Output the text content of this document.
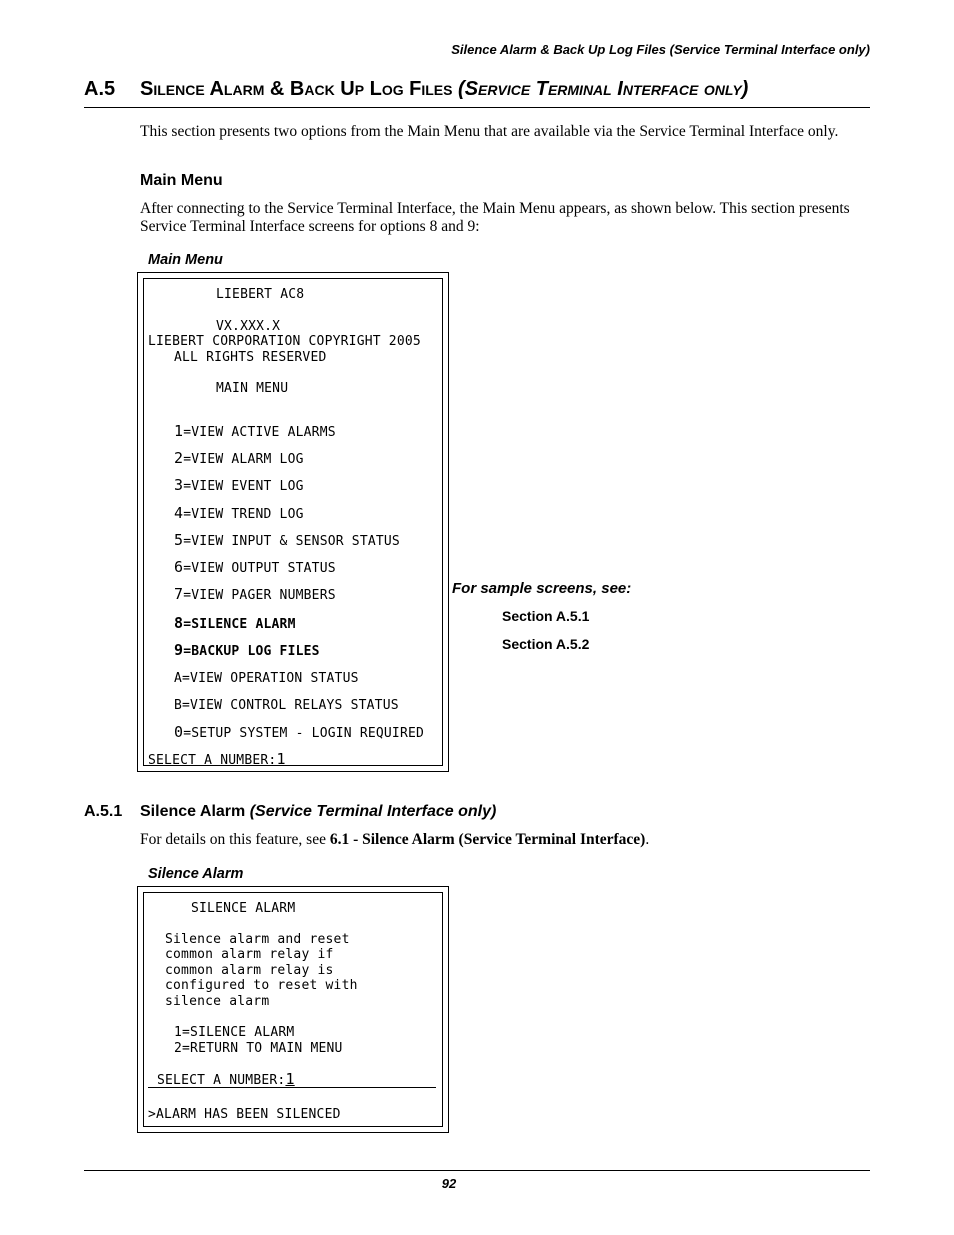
Silence Alarm & Back Up Log Files (Service Terminal Interface only)
A.5 Silence Alarm & Back Up Log Files (Service Terminal Interface only)
This section presents two options from the Main Menu that are available via the Service Terminal Interface only.
Main Menu
After connecting to the Service Terminal Interface, the Main Menu appears, as shown below. This section presents Service Terminal Interface screens for options 8 and 9:
Main Menu
LIEBERT AC8
VX.XXX.X
LIEBERT CORPORATION COPYRIGHT 2005
ALL RIGHTS RESERVED
MAIN MENU
1=VIEW ACTIVE ALARMS
2=VIEW ALARM LOG
3=VIEW EVENT LOG
4=VIEW TREND LOG
5=VIEW INPUT & SENSOR STATUS
6=VIEW OUTPUT STATUS
7=VIEW PAGER NUMBERS
8=SILENCE ALARM
9=BACKUP LOG FILES
A=VIEW OPERATION STATUS
B=VIEW CONTROL RELAYS STATUS
0=SETUP SYSTEM - LOGIN REQUIRED
SELECT A NUMBER:1
For sample screens, see:
Section A.5.1
Section A.5.2
A.5.1 Silence Alarm (Service Terminal Interface only)
For details on this feature, see 6.1 - Silence Alarm (Service Terminal Interface).
Silence Alarm
SILENCE ALARM
Silence alarm and reset
common alarm relay if
common alarm relay is
configured to reset with
silence alarm
1=SILENCE ALARM
2=RETURN TO MAIN MENU
SELECT A NUMBER:1
>ALARM HAS BEEN SILENCED
92
